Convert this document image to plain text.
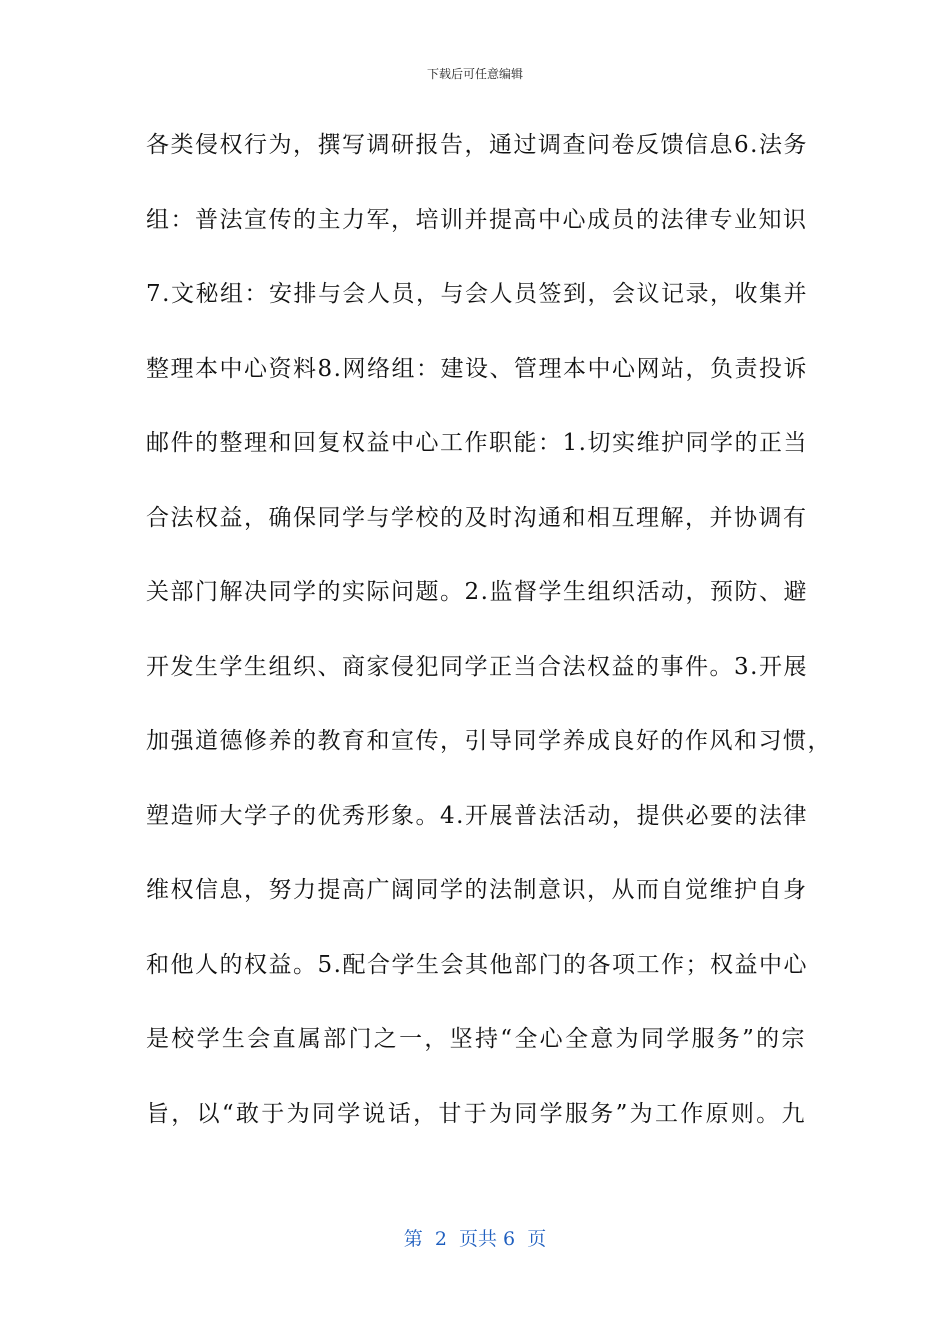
下载后可任意编辑
各类侵权行为，撰写调研报告，通过调查问卷反馈信息6.法务
组：普法宣传的主力军，培训并提高中心成员的法律专业知识
7.文秘组：安排与会人员，与会人员签到，会议记录，收集并
整理本中心资料8.网络组：建设、管理本中心网站，负责投诉
邮件的整理和回复权益中心工作职能：1.切实维护同学的正当
合法权益，确保同学与学校的及时沟通和相互理解，并协调有
关部门解决同学的实际问题。2.监督学生组织活动，预防、避
开发生学生组织、商家侵犯同学正当合法权益的事件。3.开展
加强道德修养的教育和宣传，引导同学养成良好的作风和习惯，
塑造师大学子的优秀形象。4.开展普法活动，提供必要的法律
维权信息，努力提高广阔同学的法制意识，从而自觉维护自身
和他人的权益。5.配合学生会其他部门的各项工作；权益中心
是校学生会直属部门之一，坚持“全心全意为同学服务”的宗
旨，以“敢于为同学说话，甘于为同学服务”为工作原则。九
第  2  页共 6  页
